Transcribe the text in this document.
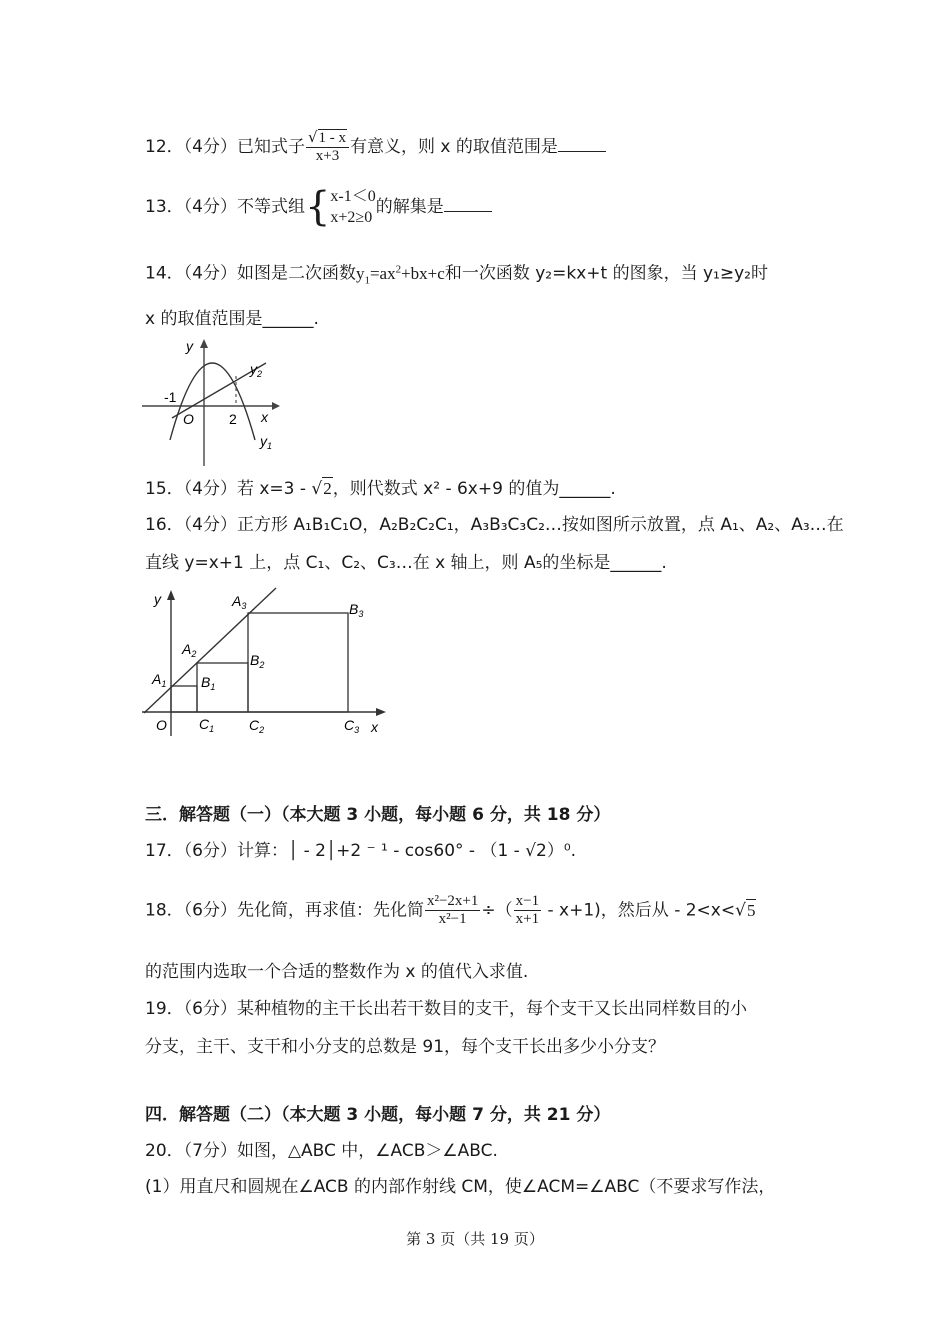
12．（4分）已知式子 $\frac{√1 - x}{x+3}$ 有意义，则 x 的取值范围是
13．（4分）不等式组{ x-1＜0
x+2≥0
的解集是
14．（4分）如图是二次函数$y_1=ax^2+bx+c$和一次函数 y₂=kx+t 的图象，当 y₁≥y₂时
x 的取值范围是______.
y
x
O
-1
2
$y_2$
$y_1$
15．（4分）若 x=3 - √2，则代数式 x² - 6x+9 的值为______.
16．（4分）正方形 A₁B₁C₁O，A₂B₂C₂C₁，A₃B₃C₃C₂…按如图所示放置，点 A₁、A₂、A₃…在
直线 y=x+1 上，点 C₁、C₂、C₃…在 x 轴上，则 A₅的坐标是______.
y
x
O
$A_1$
$A_2$
$A_3$
$B_1$
$B_2$
$B_3$
$C_1$ $C_2$	$C_3$
三．解答题（一）（本大题 3 小题，每小题 6 分，共 18 分）
17．（6分）计算：│ - 2│+2 ⁻ ¹ - cos60° - （1 - √2）⁰.
18．（6分）先化简，再求值：先化简 $\frac{\text{x²−2x+1}}{\text{x²−1}}$ ÷（ $\frac{x-1}{x+1} - x+1$)，然后从 - 2<x<√5
的范围内选取一个合适的整数作为 x 的值代入求值.
19．（6分）某种植物的主干长出若干数目的支干，每个支干又长出同样数目的小
分支，主干、支干和小分支的总数是 91，每个支干长出多少小分支？
四．解答题（二）（本大题 3 小题，每小题 7 分，共 21 分）
20．（7分）如图，△ABC 中，∠ACB＞∠ABC.
(1）用直尺和圆规在∠ACB 的内部作射线 CM，使∠ACM=∠ABC（不要求写作法，
第 3 页（共 19 页）
